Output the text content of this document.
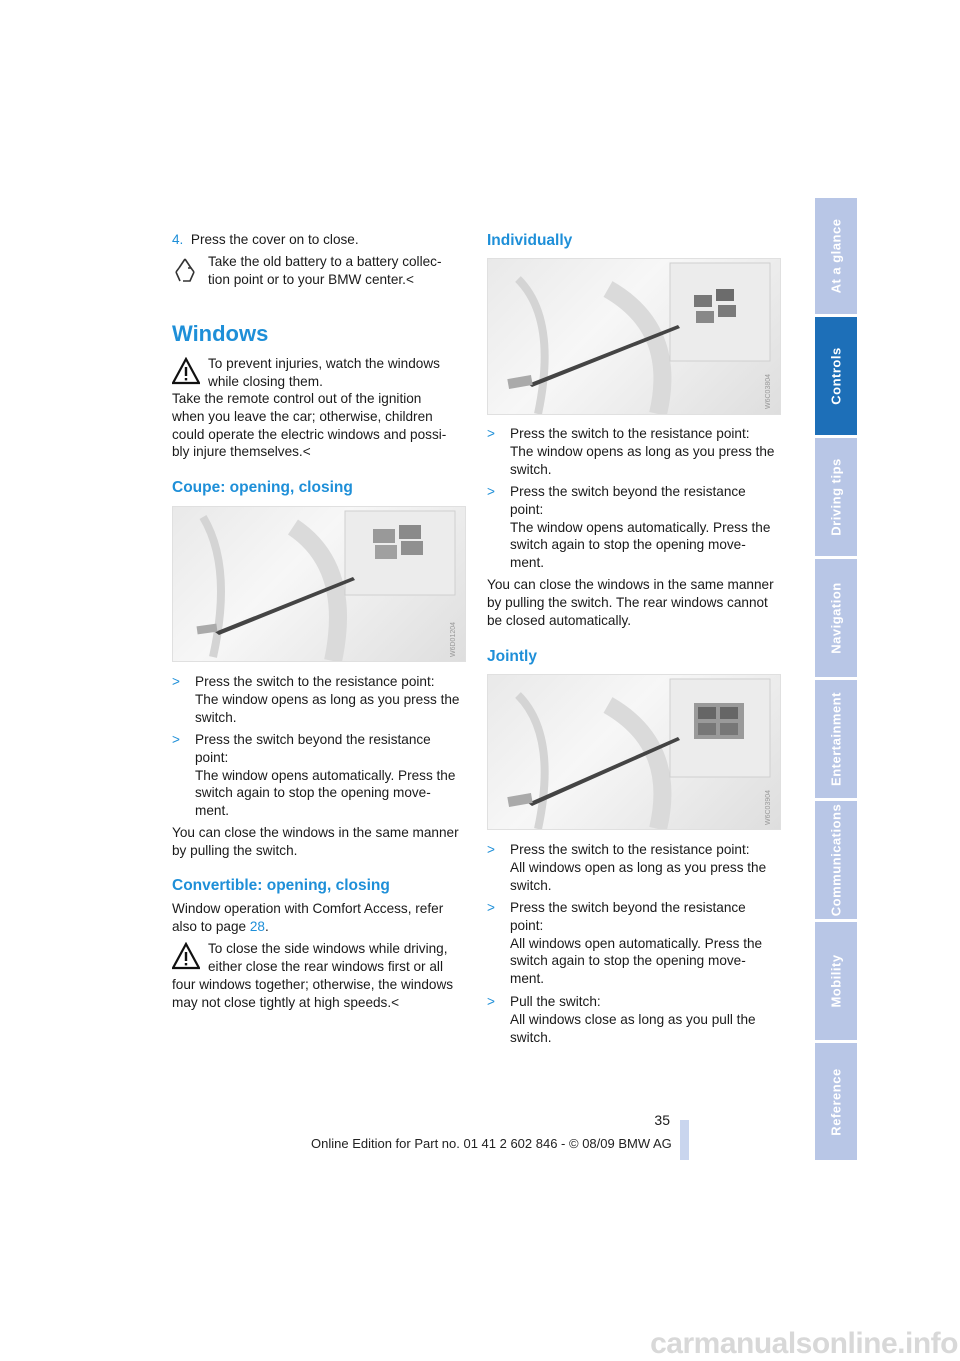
At a glance
Controls
Driving tips
Navigation
Entertainment
Communications
Mobility
Reference
4. Press the cover on to close.
Take the old battery to a battery collec-
tion point or to your BMW center.<
Windows
To prevent injuries, watch the windows
while closing them.
Take the remote control out of the ignition
when you leave the car; otherwise, children
could operate the electric windows and possi-
bly injure themselves.<
Coupe: opening, closing
W6D01204
> Press the switch to the resistance point:
The window opens as long as you press the
switch.
> Press the switch beyond the resistance
point:
The window opens automatically. Press the
switch again to stop the opening move-
ment.
You can close the windows in the same manner
by pulling the switch.
Convertible: opening, closing
Window operation with Comfort Access, refer
also to page 28.
To close the side windows while driving,
either close the rear windows first or all
four windows together; otherwise, the windows
may not close tightly at high speeds.<
Individually
W6C03804
> Press the switch to the resistance point:
The window opens as long as you press the
switch.
> Press the switch beyond the resistance
point:
The window opens automatically. Press the
switch again to stop the opening move-
ment.
You can close the windows in the same manner
by pulling the switch. The rear windows cannot
be closed automatically.
Jointly
W6C03904
> Press the switch to the resistance point:
All windows open as long as you press the
switch.
> Press the switch beyond the resistance
point:
All windows open automatically. Press the
switch again to stop the opening move-
ment.
> Pull the switch:
All windows close as long as you pull the
switch.
35
Online Edition for Part no. 01 41 2 602 846 - © 08/09 BMW AG
carmanualsonline.info
